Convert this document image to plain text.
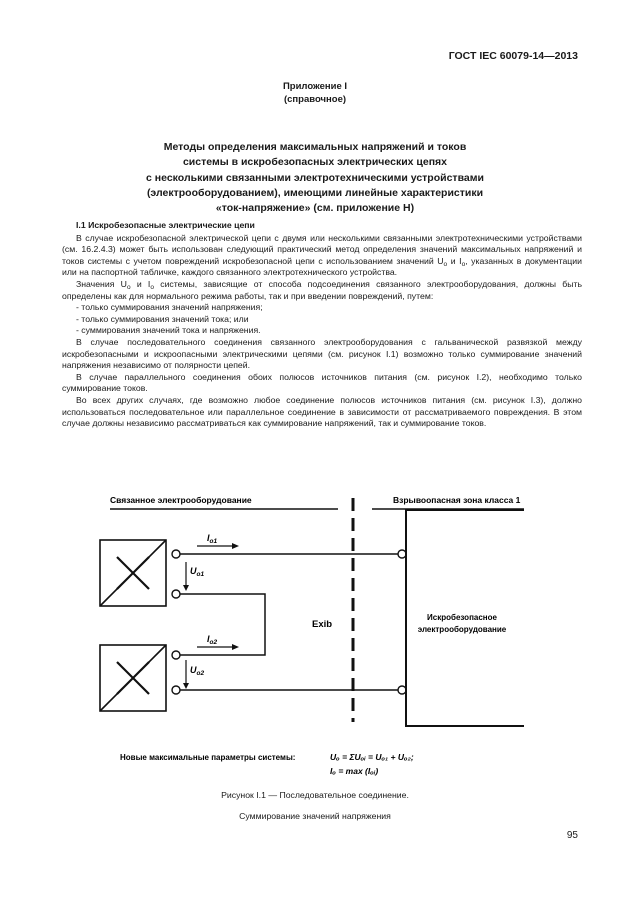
ГОСТ IEC 60079-14—2013
Приложение I
(справочное)
Методы определения максимальных напряжений и токов
системы в искробезопасных электрических цепях
с несколькими связанными электротехническими устройствами
(электрооборудованием), имеющими линейные характеристики
«ток-напряжение» (см. приложение Н)

I.1 Искробезопасные электрические цепи

В случае искробезопасной электрической цепи с двумя или несколькими связанными электротехническими устройствами (см. 16.2.4.3) может быть использован следующий практический метод определения значений максимальных напряжений и токов системы с учетом повреждений искробезопасной цепи с использованием значений $U_o$ и $I_o$, указанных в документации или на паспортной табличке, каждого связанного электротехнического устройства.

Значения $U_o$ и $I_o$ системы, зависящие от способа подсоединения связанного электрооборудования, должны быть определены как для нормального режима работы, так и при введении повреждений, путем:

- только суммирования значений напряжения;

- только суммирования значений тока; или

- суммирования значений тока и напряжения.

В случае последовательного соединения связанного электрооборудования с гальванической развязкой между искробезопасными и искроопасными электрическими цепями (см. рисунок I.1) возможно только суммирование значений напряжения независимо от полярности цепей.

В случае параллельного соединения обоих полюсов источников питания (см. рисунок I.2), необходимо только суммирование токов.

Во всех других случаях, где возможно любое соединение полюсов источников питания (см. рисунок I.3), должно использоваться последовательное или параллельное соединение в зависимости от рассматриваемого повреждения. В этом случае должны независимо рассматриваться как суммирование напряжений, так и суммирование токов.

Связанное электрооборудование	Взрывоопасная зона класса 1
$I_{o1}$
$U_{o1}$
$I_{o2}$
$U_{o2}$
Exib
Искробезопасное
электрооборудование
Новые максимальные параметры системы:	Uₒ = ΣUₒᵢ = Uₒ₁ + Uₒ₂;
Iₒ = max (Iₒᵢ)
Рисунок I.1 — Последовательное соединение.
Суммирование значений напряжения
95
